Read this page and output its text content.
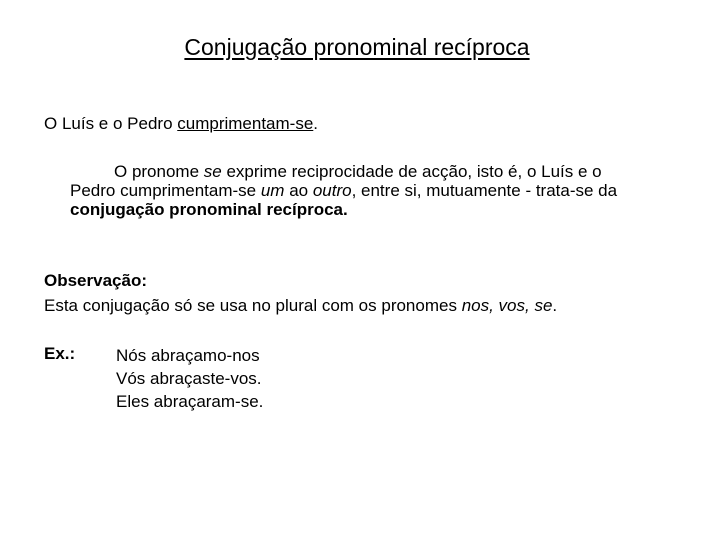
Conjugação pronominal recíproca
O Luís e o Pedro cumprimentam-se.
O pronome se exprime reciprocidade de acção, isto é, o Luís e o
Pedro cumprimentam-se um ao outro, entre si, mutuamente - trata-se da
conjugação pronominal recíproca.
Observação:
Esta conjugação só se usa no plural com os pronomes nos, vos, se.
Ex.: Nós abraçamo-nos
Vós abraçaste-vos.
Eles abraçaram-se.
